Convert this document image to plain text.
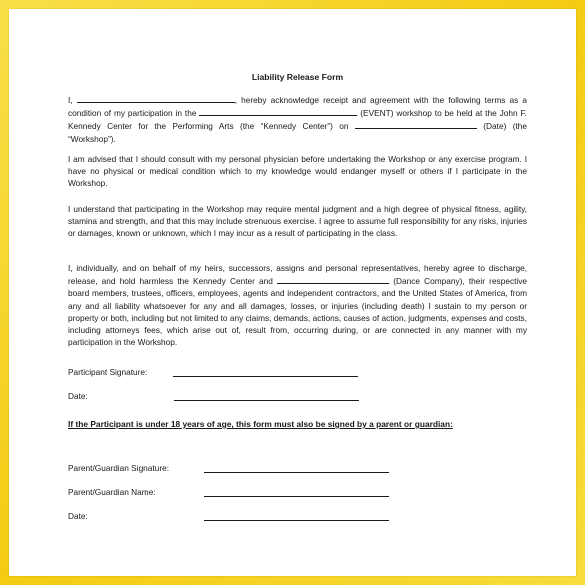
Liability Release Form

I,	, hereby acknowledge receipt and agreement with the following terms as a condition of my participation in the	(EVENT) workshop to be held at the John F. Kennedy Center for the Performing Arts (the “Kennedy Center”) on	(Date) (the “Workshop”).

I am advised that I should consult with my personal physician before undertaking the Workshop or any exercise program. I have no physical or medical condition which to my knowledge would endanger myself or others if I participate in the Workshop.

I understand that participating in the Workshop may require mental judgment and a high degree of physical fitness, agility, stamina and strength, and that this may include strenuous exercise. I agree to assume full responsibility for any risks, injuries or damages, known or unknown, which I may incur as a result of participating in the class.

I, individually, and on behalf of my heirs, successors, assigns and personal representatives, hereby agree to discharge, release, and hold harmless the Kennedy Center and	(Dance Company), their respective board members, trustees, officers, employees, agents and independent contractors, and the United States of America, from any and all liability whatsoever for any and all damages, losses, or injuries (including death) I sustain to my person or property or both, including but not limited to any claims, demands, actions, causes of action, judgments, expenses and costs, including attorneys fees, which arise out of, result from, occurring during, or are connected in any manner with my participation in the Workshop.

Participant Signature:
Date:
If the Participant is under 18 years of age, this form must also be signed by a parent or guardian:
Parent/Guardian Signature:
Parent/Guardian Name:
Date:
